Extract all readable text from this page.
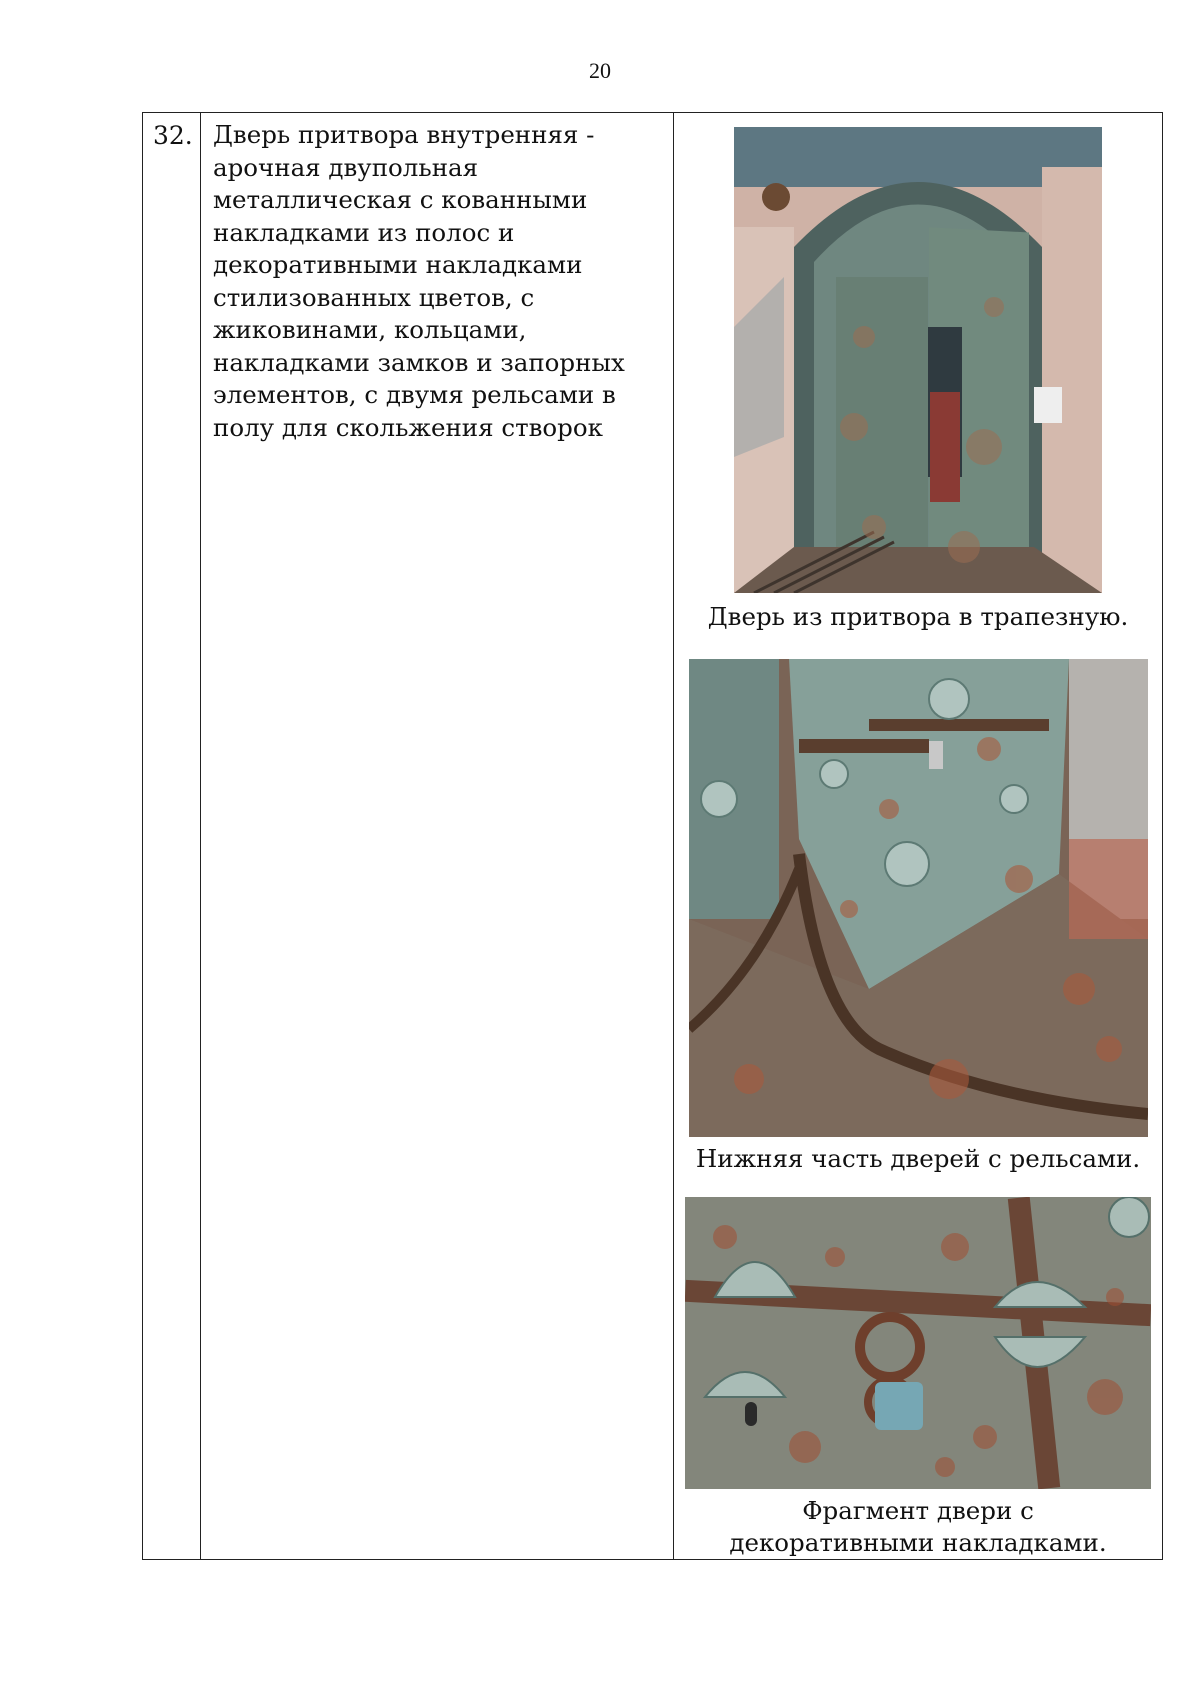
20
32.	Дверь притвора внутренняя - арочная двупольная металлическая с кованными накладками из полос и декоративными накладками стилизованных цветов, с жиковинами, кольцами, накладками замков и запорных элементов, с двумя рельсами в полу для скольжения створок

Дверь из притвора в трапезную.
Нижняя часть дверей с рельсами.
Фрагмент двери с декоративными накладками.
